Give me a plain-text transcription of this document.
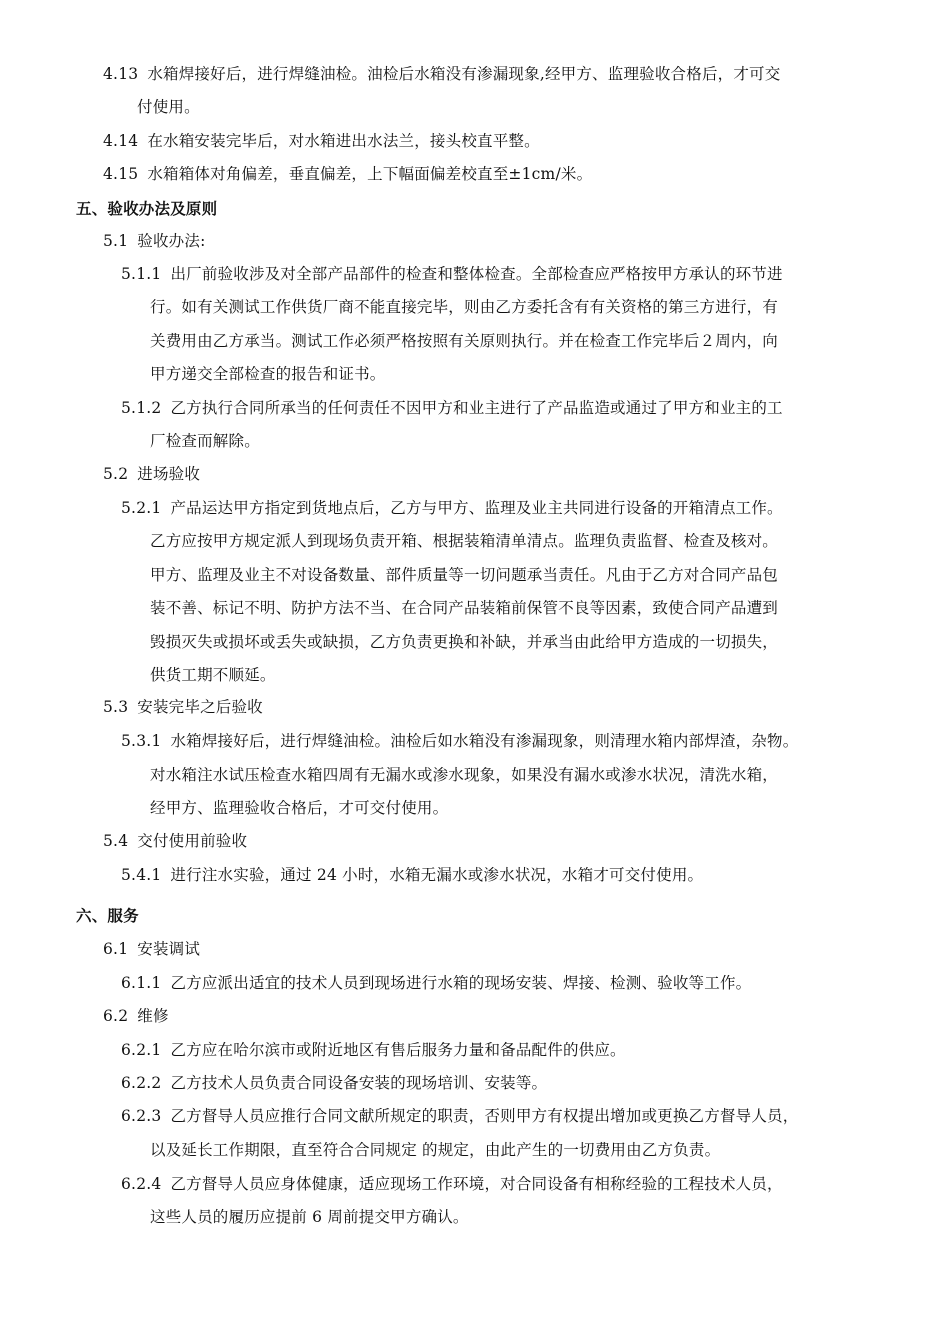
4.13 水箱焊接好后，进行焊缝油检。油检后水箱没有渗漏现象,经甲方、监理验收合格后，才可交
付使用。
4.14 在水箱安装完毕后，对水箱进出水法兰，接头校直平整。
4.15 水箱箱体对角偏差，垂直偏差，上下幅面偏差校直至±1cm/米。
五、验收办法及原则
5.1 验收办法:
5.1.1 出厂前验收涉及对全部产品部件的检查和整体检查。全部检查应严格按甲方承认的环节进
行。如有关测试工作供货厂商不能直接完毕，则由乙方委托含有有关资格的第三方进行，有
关费用由乙方承当。测试工作必须严格按照有关原则执行。并在检查工作完毕后２周内，向
甲方递交全部检查的报告和证书。
5.1.2 乙方执行合同所承当的任何责任不因甲方和业主进行了产品监造或通过了甲方和业主的工
厂检查而解除。
5.2 进场验收
5.2.1 产品运达甲方指定到货地点后，乙方与甲方、监理及业主共同进行设备的开箱清点工作。
乙方应按甲方规定派人到现场负责开箱、根据装箱清单清点。监理负责监督、检查及核对。
甲方、监理及业主不对设备数量、部件质量等一切问题承当责任。凡由于乙方对合同产品包
装不善、标记不明、防护方法不当、在合同产品装箱前保管不良等因素，致使合同产品遭到
毁损灭失或损坏或丢失或缺损，乙方负责更换和补缺，并承当由此给甲方造成的一切损失，
供货工期不顺延。
5.3 安装完毕之后验收
5.3.1 水箱焊接好后，进行焊缝油检。油检后如水箱没有渗漏现象，则清理水箱内部焊渣，杂物。
对水箱注水试压检查水箱四周有无漏水或渗水现象，如果没有漏水或渗水状况，清洗水箱，
经甲方、监理验收合格后，才可交付使用。
5.4 交付使用前验收
5.4.1 进行注水实验，通过 24 小时，水箱无漏水或渗水状况，水箱才可交付使用。
六、服务
6.1 安装调试
6.1.1 乙方应派出适宜的技术人员到现场进行水箱的现场安装、焊接、检测、验收等工作。
6.2 维修
6.2.1 乙方应在哈尔滨市或附近地区有售后服务力量和备品配件的供应。
6.2.2 乙方技术人员负责合同设备安装的现场培训、安装等。
6.2.3 乙方督导人员应推行合同文献所规定的职责，否则甲方有权提出增加或更换乙方督导人员，
以及延长工作期限，直至符合合同规定 的规定，由此产生的一切费用由乙方负责。
6.2.4 乙方督导人员应身体健康，适应现场工作环境，对合同设备有相称经验的工程技术人员，
这些人员的履历应提前 6 周前提交甲方确认。
